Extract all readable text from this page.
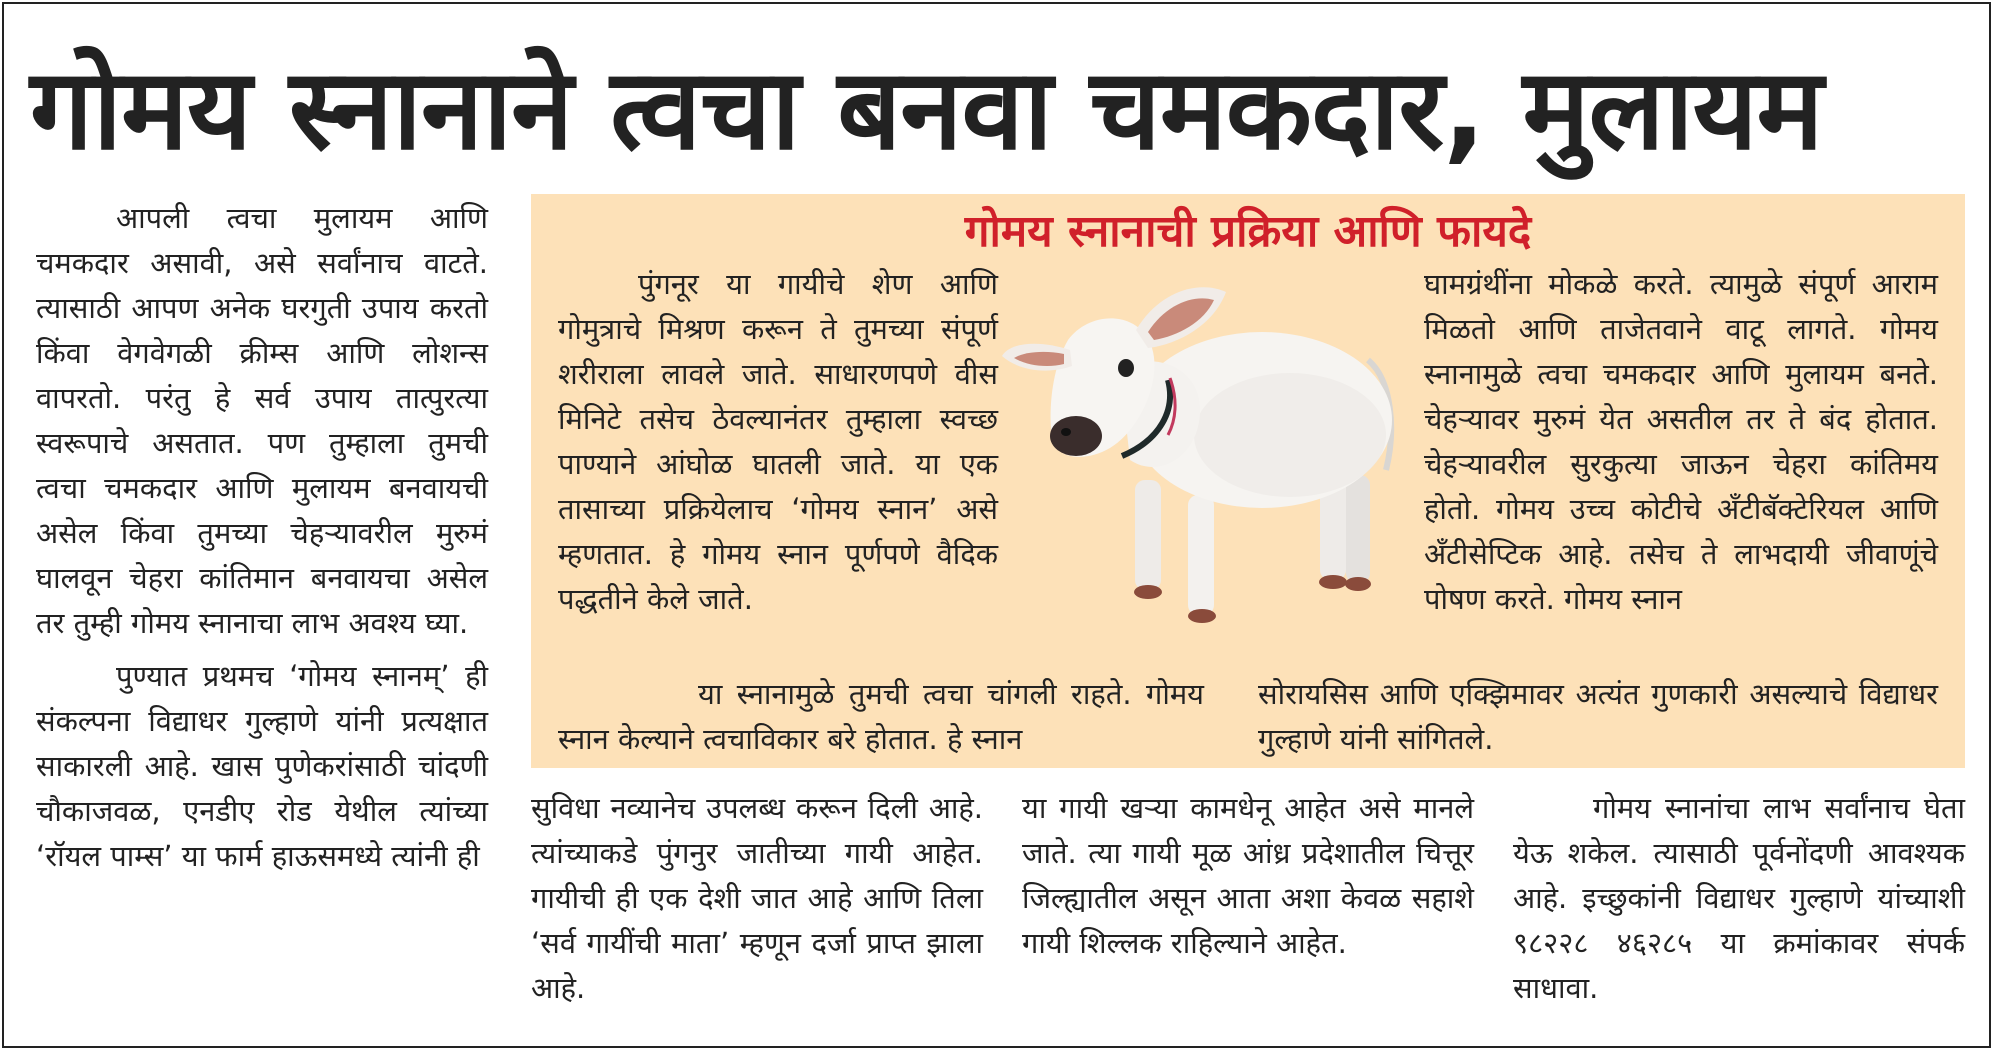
गोमय स्नानाने त्वचा बनवा चमकदार, मुलायम

आपली त्वचा मुलायम आणि चमकदार असावी, असे सर्वांनाच वाटते. त्यासाठी आपण अनेक घरगुती उपाय करतो किंवा वेगवेगळी क्रीम्स आणि लोशन्स वापरतो. परंतु हे सर्व उपाय तात्पुरत्या स्वरूपाचे असतात. पण तुम्हाला तुमची त्वचा चमकदार आणि मुलायम बनवायची असेल किंवा तुमच्या चेहऱ्यावरील मुरुमं घालवून चेहरा कांतिमान बनवायचा असेल तर तुम्ही गोमय स्नानाचा लाभ अवश्य घ्या.

पुण्यात प्रथमच ‘गोमय स्नानम्’ ही संकल्पना विद्याधर गुल्हाणे यांनी प्रत्यक्षात साकारली आहे. खास पुणेकरांसाठी चांदणी चौकाजवळ, एनडीए रोड येथील त्यांच्या ‘रॉयल पाम्स’ या फार्म हाऊसमध्ये त्यांनी ही

गोमय स्नानाची प्रक्रिया आणि फायदे

पुंगनूर या गायीचे शेण आणि गोमुत्राचे मिश्रण करून ते तुमच्या संपूर्ण शरीराला लावले जाते. साधारणपणे वीस मिनिटे तसेच ठेवल्यानंतर तुम्हाला स्वच्छ पाण्याने आंघोळ घातली जाते. या एक तासाच्या प्रक्रियेलाच ‘गोमय स्नान’ असे म्हणतात. हे गोमय स्नान पूर्णपणे वैदिक पद्धतीने केले जाते.

या स्नानामुळे तुमची त्वचा चांगली राहते. गोमय स्नान केल्याने त्वचाविकार बरे होतात. हे स्नान

घामग्रंथींना मोकळे करते. त्यामुळे संपूर्ण आराम मिळतो आणि ताजेतवाने वाटू लागते. गोमय स्नानामुळे त्वचा चमकदार आणि मुलायम बनते. चेहऱ्यावर मुरुमं येत असतील तर ते बंद होतात. चेहऱ्यावरील सुरकुत्या जाऊन चेहरा कांतिमय होतो. गोमय उच्च कोटीचे अँटीबॅक्टेरियल आणि अँटीसेप्टिक आहे. तसेच ते लाभदायी जीवाणूंचे पोषण करते. गोमय स्नान

सोरायसिस आणि एक्झिमावर अत्यंत गुणकारी असल्याचे विद्याधर गुल्हाणे यांनी सांगितले.

सुविधा नव्यानेच उपलब्ध करून दिली आहे. त्यांच्याकडे पुंगनुर जातीच्या गायी आहेत. गायीची ही एक देशी जात आहे आणि तिला ‘सर्व गायींची माता’ म्हणून दर्जा प्राप्त झाला आहे.

या गायी खऱ्या कामधेनू आहेत असे मानले जाते. त्या गायी मूळ आंध्र प्रदेशातील चित्तूर जिल्ह्यातील असून आता अशा केवळ सहाशे गायी शिल्लक राहिल्याने आहेत.

गोमय स्नानांचा लाभ सर्वांनाच घेता येऊ शकेल. त्यासाठी पूर्वनोंदणी आवश्यक आहे. इच्छुकांनी विद्याधर गुल्हाणे यांच्याशी ९८२२८ ४६२८५ या क्रमांकावर संपर्क साधावा.
